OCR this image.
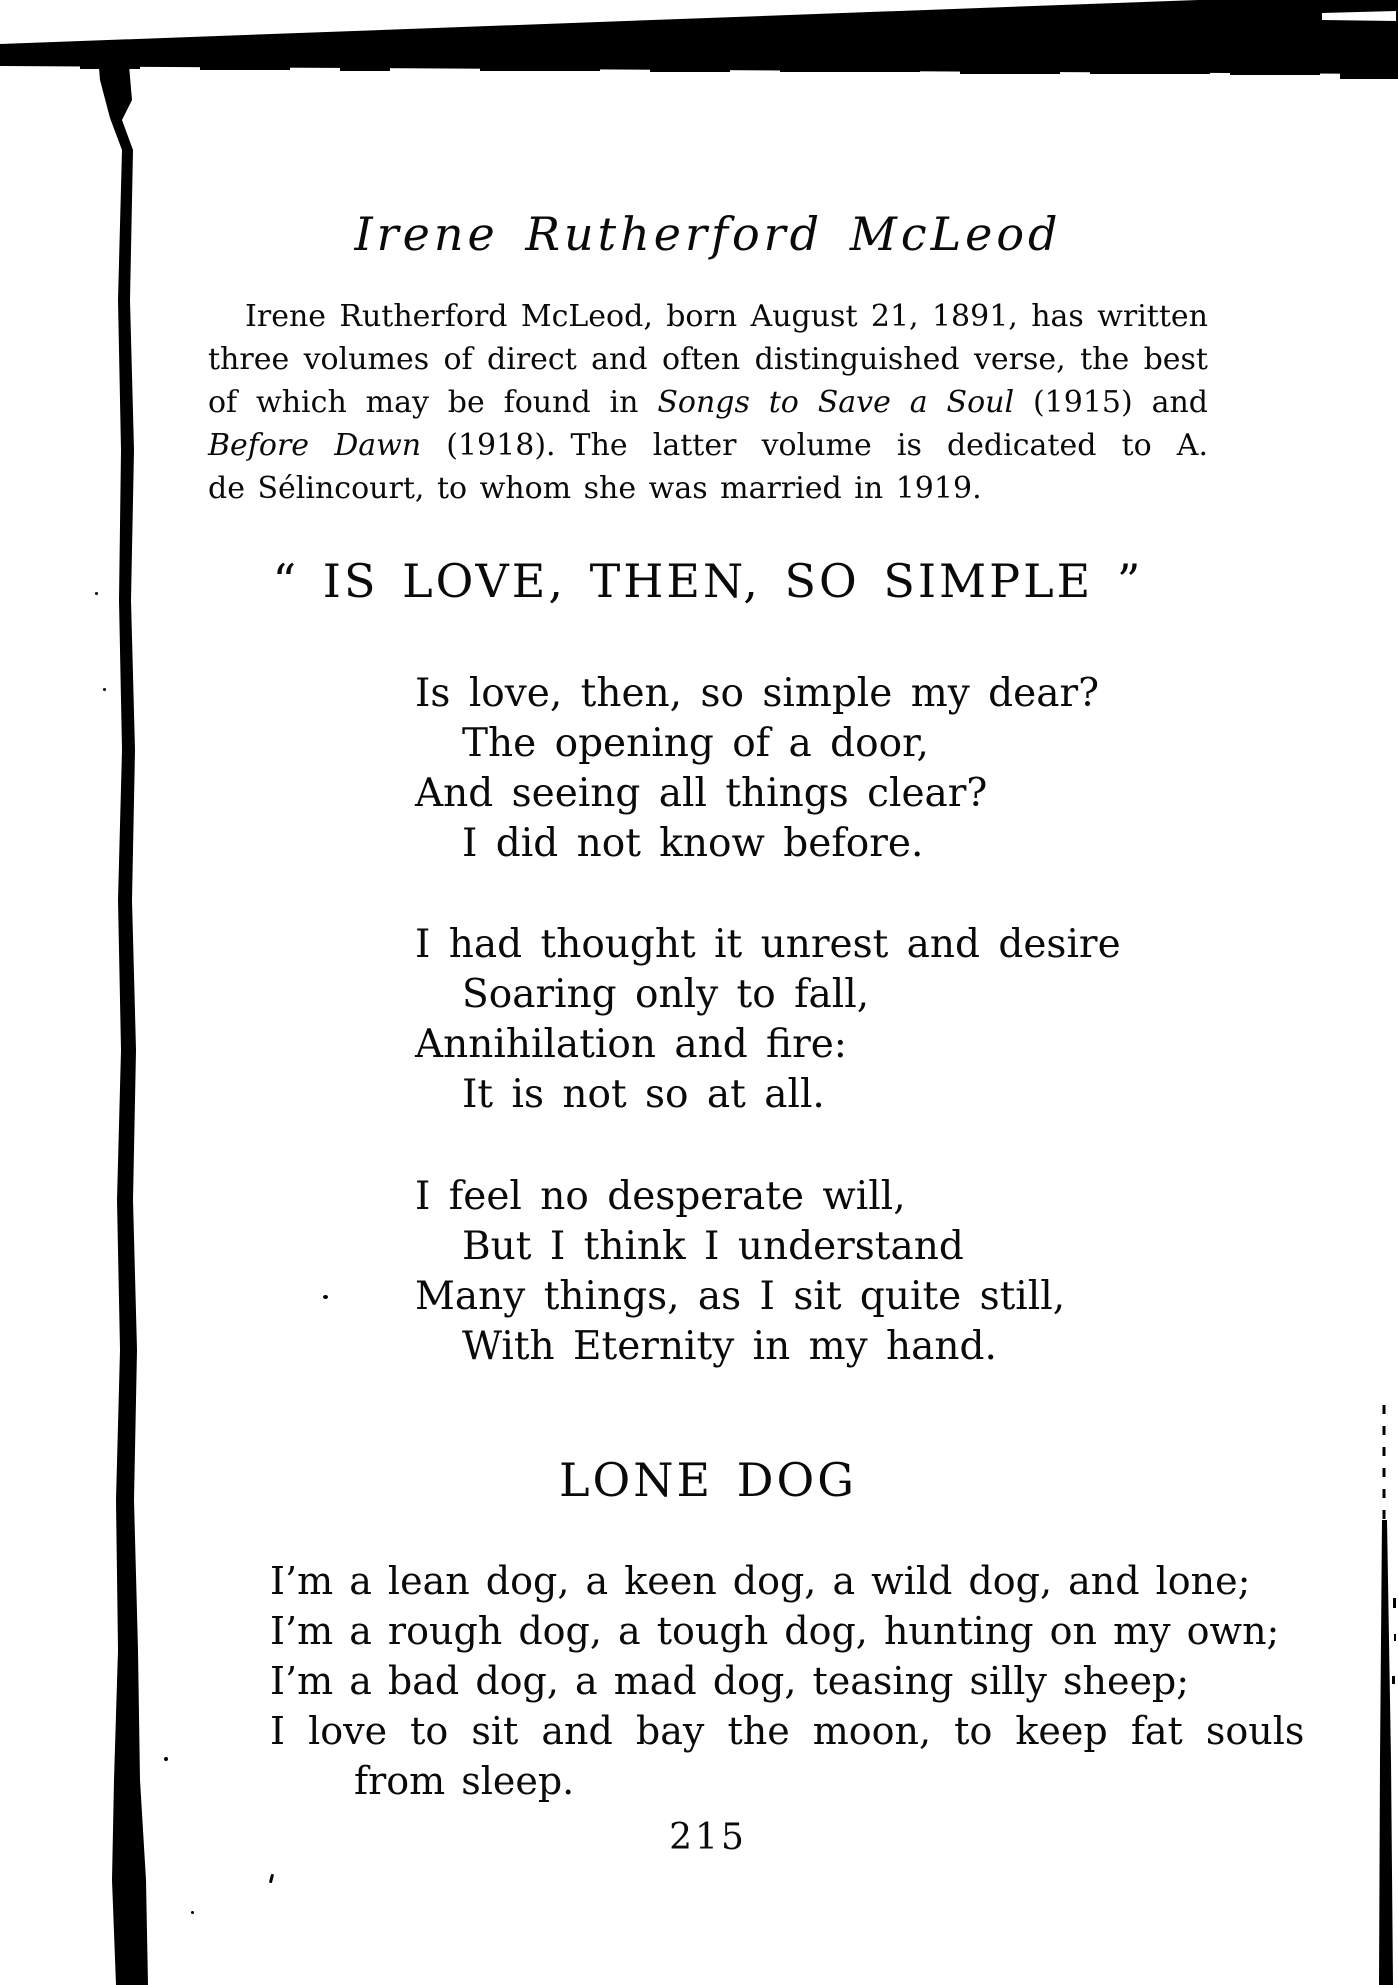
Irene Rutherford McLeod
Irene Rutherford McLeod, born August 21, 1891, has written
three volumes of direct and often distinguished verse, the best
of which may be found in Songs to Save a Soul (1915) and
Before Dawn (1918). The latter volume is dedicated to A.
de Sélincourt, to whom she was married in 1919.
“ IS LOVE, THEN, SO SIMPLE ”
Is love, then, so simple my dear?
The opening of a door,
And seeing all things clear?
I did not know before.
I had thought it unrest and desire
Soaring only to fall,
Annihilation and fire:
It is not so at all.
I feel no desperate will,
But I think I understand
Many things, as I sit quite still,
With Eternity in my hand.
LONE DOG
I’m a lean dog, a keen dog, a wild dog, and lone;
I’m a rough dog, a tough dog, hunting on my own;
I’m a bad dog, a mad dog, teasing silly sheep;
I love to sit and bay the moon, to keep fat souls
from sleep.
215
